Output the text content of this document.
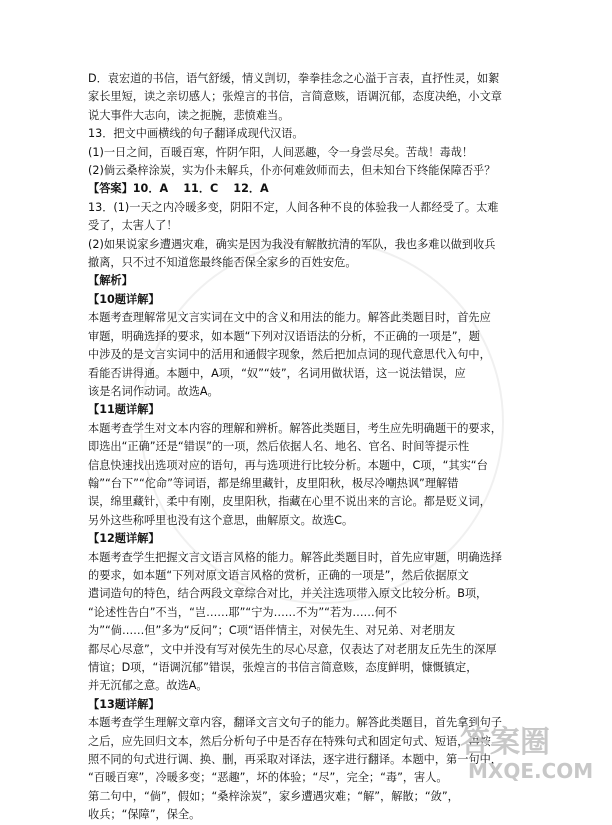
D．袁宏道的书信，语气舒缓，情义剀切，拳拳挂念之心溢于言表，直抒性灵，如絮

家长里短，读之亲切感人；张煌言的书信，言简意赅，语调沉郁，态度决绝，小文章

说大事件大志向，读之扼腕，悲愤难当。

13．把文中画横线的句子翻译成现代汉语。

(1)一日之间，百暖百寒，忤阴乍阳，人间恶趣，令一身尝尽矣。苦哉！毒哉！

(2)倘云桑梓涂炭，实为仆未解兵，仆亦何难敛师而去，但未知台下终能保障否乎？

【答案】10．A　 11．C　 12．A

13．(1)一天之内冷暖多变，阴阳不定，人间各种不良的体验我一人都经受了。太难

受了，太害人了！

(2)如果说家乡遭遇灾难，确实是因为我没有解散抗清的军队，我也多难以做到收兵

撤离，只不过不知道您最终能否保全家乡的百姓安危。

【解析】

【10题详解】

本题考查理解常见文言实词在文中的含义和用法的能力。解答此类题目时，首先应

审题，明确选择的要求，如本题“下列对汉语语法的分析，不正确的一项是”，题

中涉及的是文言实词中的活用和通假字现象，然后把加点词的现代意思代入句中，

看能否讲得通。本题中，A项，“奴”“妓”，名词用做状语，这一说法错误，应

该是名词作动词。故选A。

【11题详解】

本题考查学生对文本内容的理解和辨析。解答此类题目，考生应先明确题干的要求，

即选出“正确”还是“错误”的一项，然后依据人名、地名、官名、时间等提示性

信息快速找出选项对应的语句，再与选项进行比较分析。本题中，C项，“其实“台

翰”“台下”“佗命”等词语，都是绵里藏针，皮里阳秋，极尽冷嘲热讽”理解错

误，绵里藏针，柔中有刚，皮里阳秋，指藏在心里不说出来的言论。都是贬义词，

另外这些称呼里也没有这个意思，曲解原文。故选C。

【12题详解】

本题考查学生把握文言文语言风格的能力。解答此类题目时，首先应审题，明确选择

的要求，如本题“下列对原文语言风格的赏析，正确的一项是”，然后依据原文

遣词造句的特色，结合两段文章综合对比，并关注选项带入原文比较分析。B项，

“论述性告白”不当，“岂……耶”“宁为……不为”“若为……何不

为”“倘……但”多为“反问”；C项“语伴情主，对侯先生、对兄弟、对老朋友

都尽心尽意”，文中并没有写对侯先生的尽心尽意，仅表达了对老朋友丘先生的深厚

情谊；D项，“语调沉郁”错误，张煌言的书信言简意赅，态度鲜明，慷慨镇定，

并无沉郁之意。故选A。

【13题详解】

本题考查学生理解文章内容，翻译文言文句子的能力。解答此类题目，首先拿到句子

之后，应先回归文本，然后分析句子中是否存在特殊句式和固定句式、短语，再按

照不同的句式进行调、换、删，再采取对译法，逐字进行翻译。本题中，第一句中，

“百暖百寒”，冷暖多变；“恶趣”，坏的体验；“尽”，完全；“毒”，害人。

第二句中，“倘”，假如；“桑梓涂炭”，家乡遭遇灾难；“解”，解散；“敛”，

收兵；“保障”，保全。

答案圈
MXQE.COM
